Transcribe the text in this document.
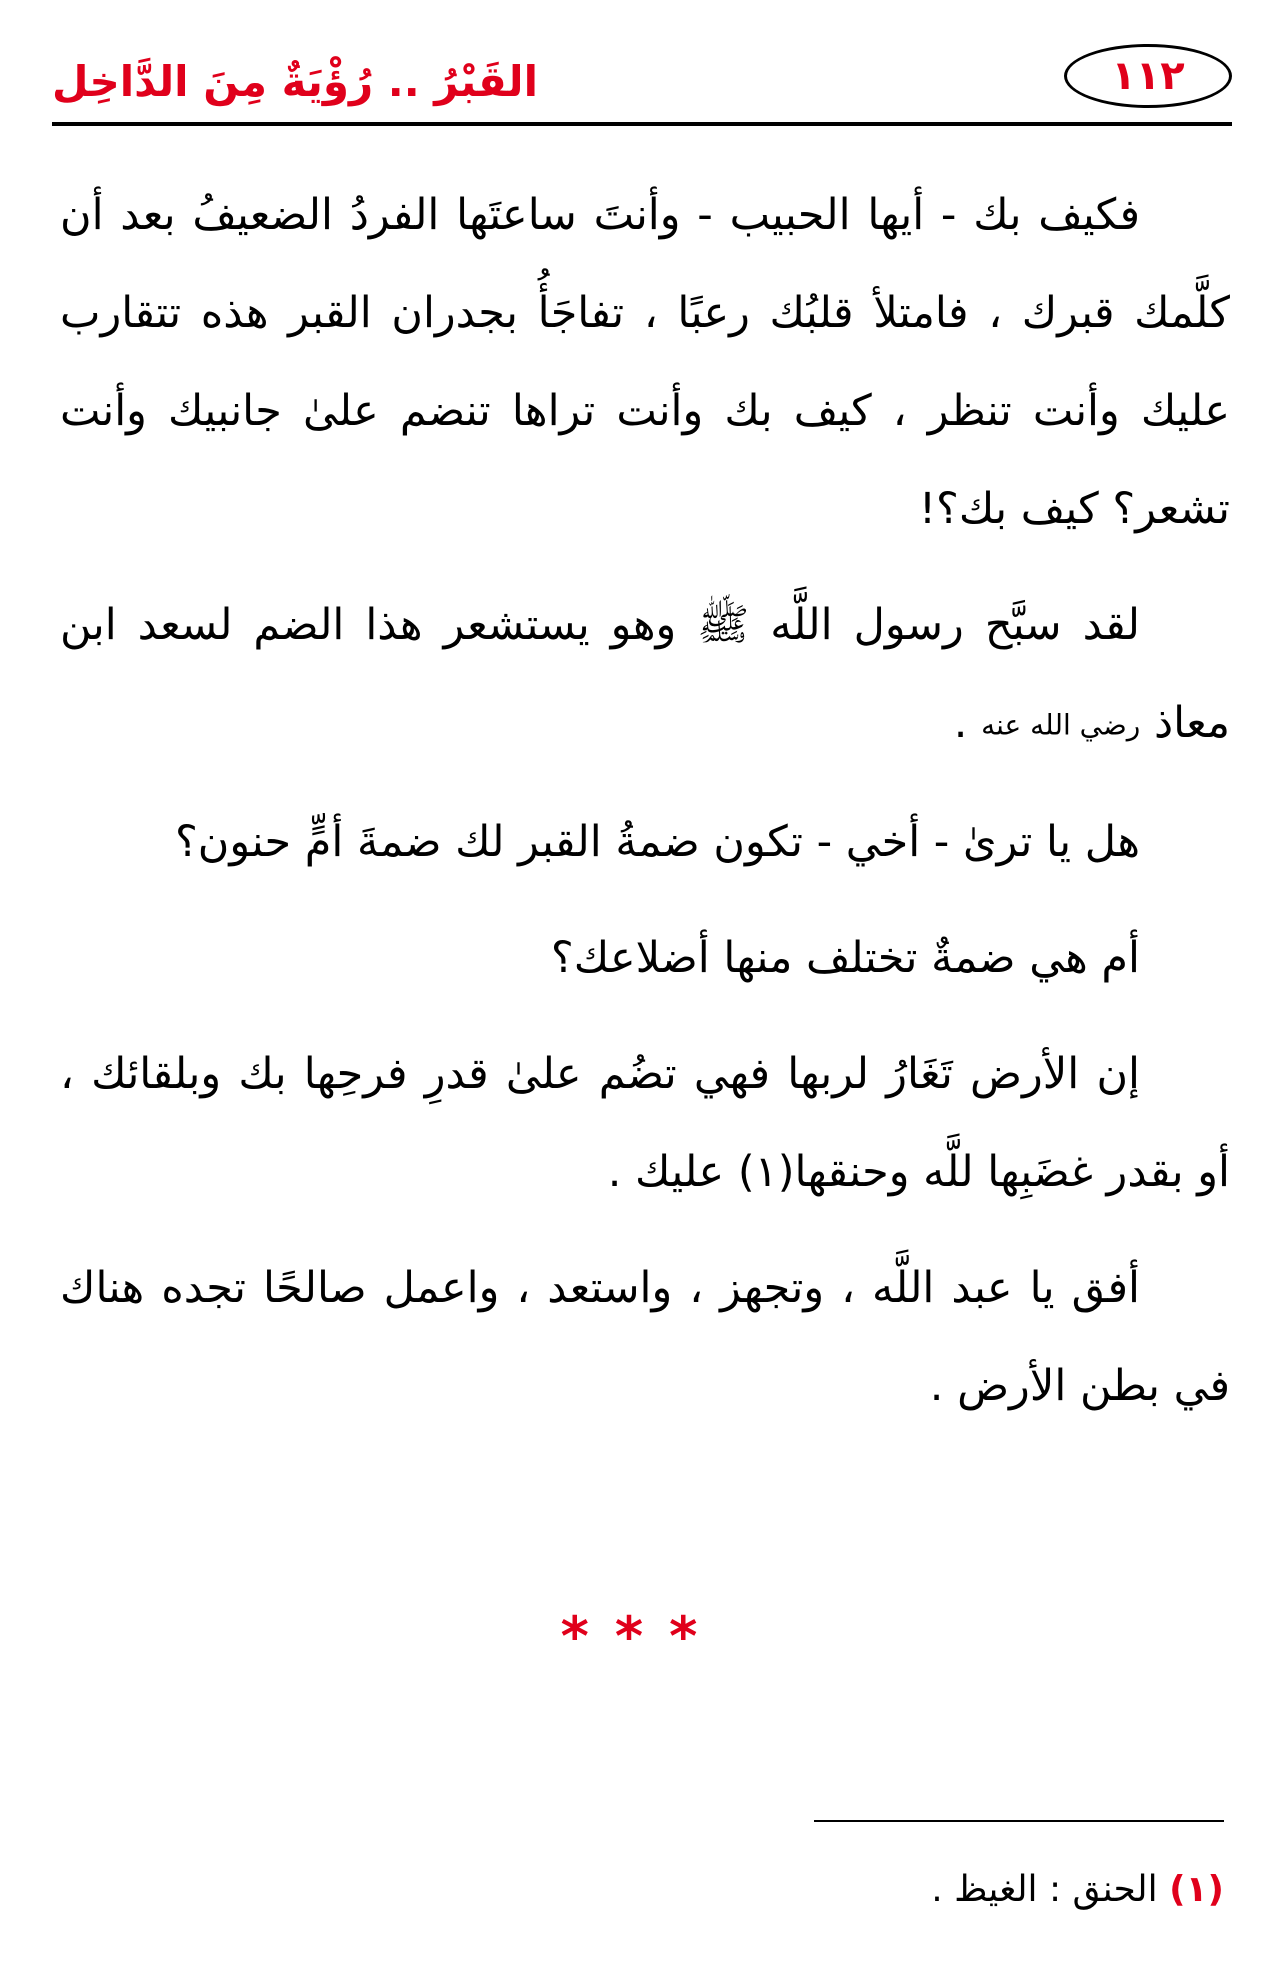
١١٢
القَبْرُ .. رُؤْيَةٌ مِنَ الدَّاخِل

فكيف بك - أيها الحبيب - وأنتَ ساعتَها الفردُ الضعيفُ بعد أن كلَّمك قبرك ، فامتلأ قلبُك رعبًا ، تفاجَأُ بجدران القبر هذه تتقارب عليك وأنت تنظر ، كيف بك وأنت تراها تنضم علىٰ جانبيك وأنت تشعر؟ كيف بك؟!

لقد سبَّح رسول اللَّه ﷺ وهو يستشعر هذا الضم لسعد ابن معاذ رضي الله عنه .

هل يا ترىٰ - أخي - تكون ضمةُ القبر لك ضمةَ أمٍّ حنون؟

أم هي ضمةٌ تختلف منها أضلاعك؟

إن الأرض تَغَارُ لربها فهي تضُم علىٰ قدرِ فرحِها بك وبلقائك ، أو بقدر غضَبِها للَّه وحنقها(١) عليك .

أفق يا عبد اللَّه ، وتجهز ، واستعد ، واعمل صالحًا تجده هناك في بطن الأرض .

***
(١) الحنق : الغيظ .
